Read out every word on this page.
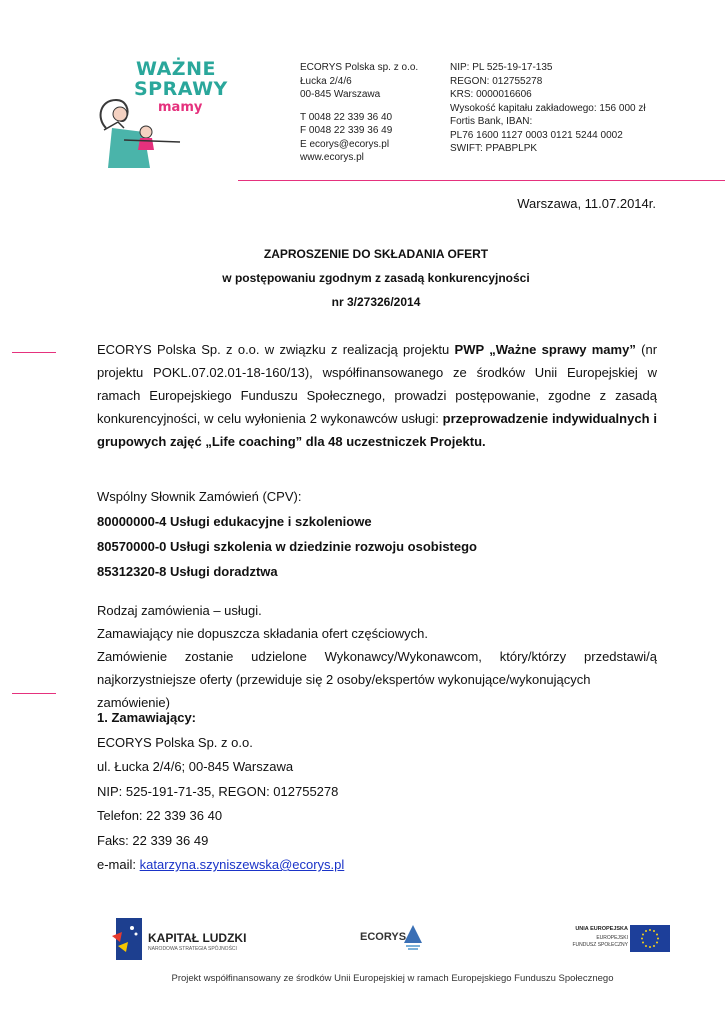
WAŻNE
SPRAWY
mamy
ECORYS Polska sp. z o.o.
Łucka 2/4/6
00-845 Warszawa
T 0048 22 339 36 40
F 0048 22 339 36 49
E ecorys@ecorys.pl
www.ecorys.pl
NIP: PL 525-19-17-135
REGON: 012755278
KRS: 0000016606
Wysokość kapitału zakładowego: 156 000 zł
Fortis Bank, IBAN:
PL76 1600 1127 0003 0121 5244 0002
SWIFT: PPABPLPK
Warszawa, 11.07.2014r.
ZAPROSZENIE DO SKŁADANIA OFERT
w postępowaniu zgodnym z zasadą konkurencyjności
nr 3/27326/2014
ECORYS Polska Sp. z o.o. w związku z realizacją projektu PWP „Ważne sprawy mamy” (nr projektu POKL.07.02.01-18-160/13), współfinansowanego ze środków Unii Europejskiej w ramach Europejskiego Funduszu Społecznego, prowadzi postępowanie, zgodne z zasadą konkurencyjności, w celu wyłonienia 2 wykonawców usługi: przeprowadzenie indywidualnych i grupowych zajęć „Life coaching” dla 48 uczestniczek Projektu.
Wspólny Słownik Zamówień (CPV):
80000000-4 Usługi edukacyjne i szkoleniowe
80570000-0 Usługi szkolenia w dziedzinie rozwoju osobistego
85312320-8 Usługi doradztwa
Rodzaj zamówienia – usługi.
Zamawiający nie dopuszcza składania ofert częściowych.
Zamówienie zostanie udzielone Wykonawcy/Wykonawcom, który/którzy przedstawi/ą
najkorzystniejsze oferty (przewiduje się 2 osoby/ekspertów wykonujące/wykonujących zamówienie)
1. Zamawiający:
ECORYS Polska Sp. z o.o.
ul. Łucka 2/4/6; 00-845 Warszawa
NIP: 525-191-71-35, REGON: 012755278
Telefon: 22 339 36 40
Faks: 22 339 36 49
e-mail: katarzyna.szyniszewska@ecorys.pl
KAPITAŁ LUDZKI
NARODOWA STRATEGIA SPÓJNOŚCI
ECORYS
UNIA EUROPEJSKA
EUROPEJSKI
FUNDUSZ SPOŁECZNY
Projekt współfinansowany ze środków Unii Europejskiej w ramach Europejskiego Funduszu Społecznego
